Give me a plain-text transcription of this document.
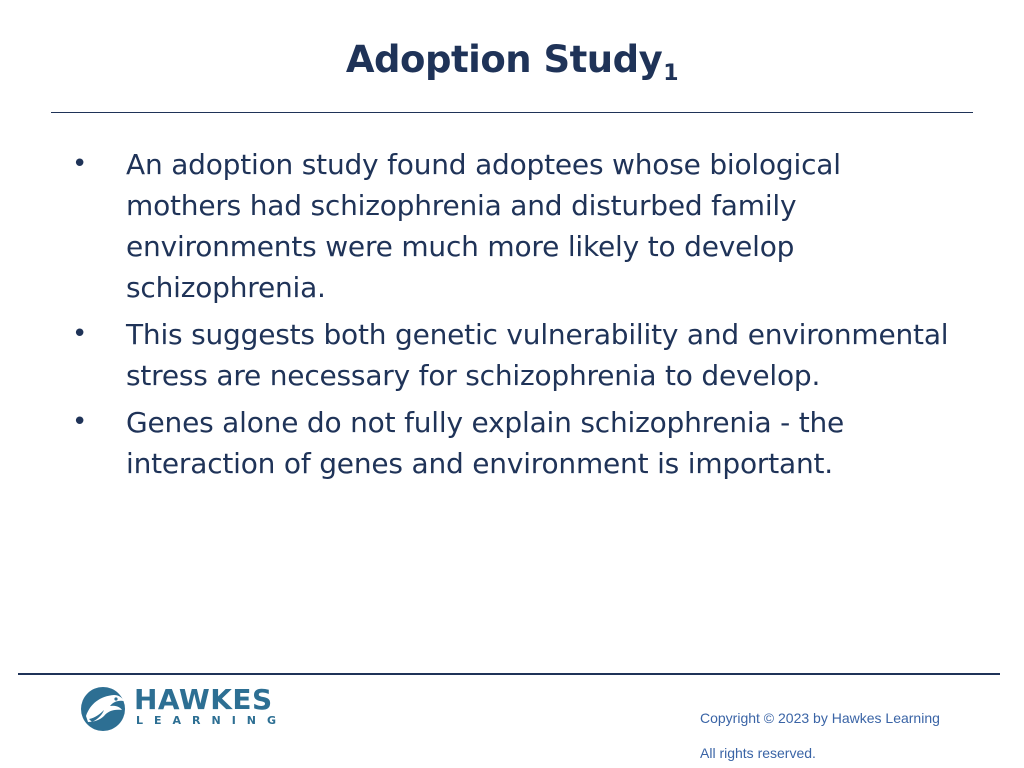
Adoption Study$_1$
• An adoption study found adoptees whose biological mothers had schizophrenia and disturbed family environments were much more likely to develop schizophrenia.
• This suggests both genetic vulnerability and environmental stress are necessary for schizophrenia to develop.
• Genes alone do not fully explain schizophrenia - the interaction of genes and environment is important.
HAWKES
LEARNING	Copyright © 2023 by Hawkes Learning

All rights reserved.
